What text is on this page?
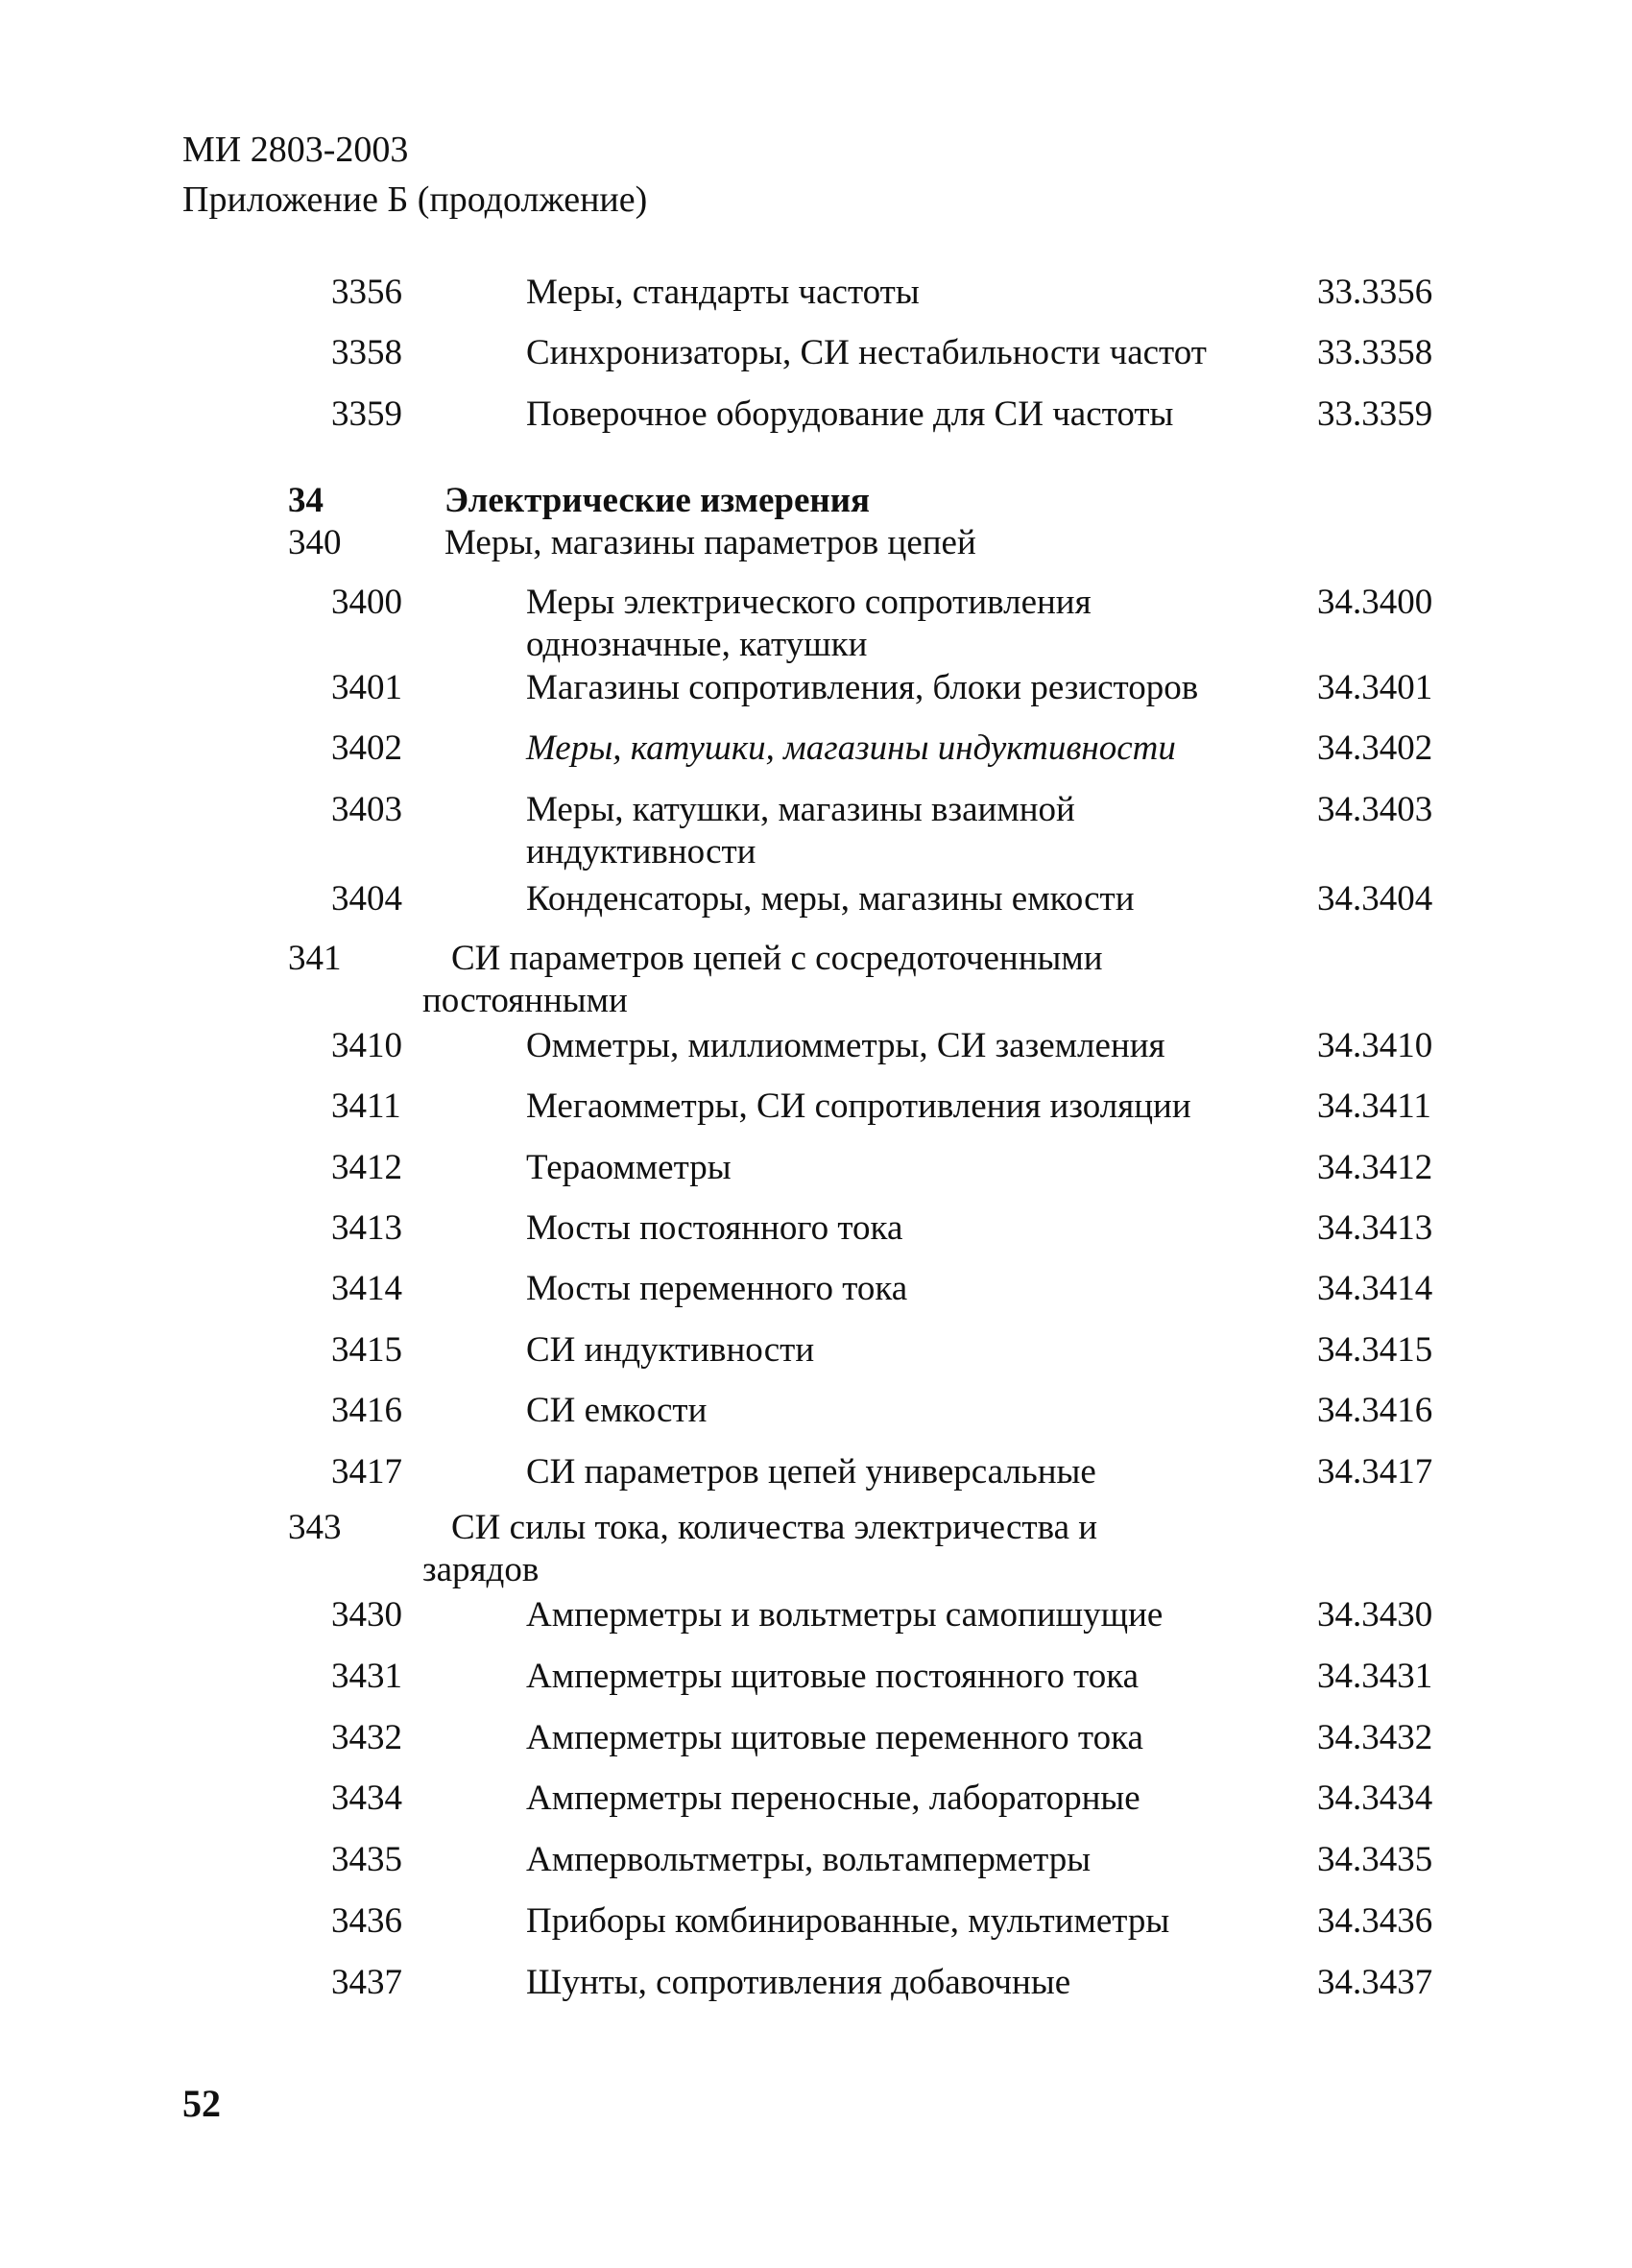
МИ 2803-2003
Приложение Б (продолжение)
3356	Меры, стандарты частоты	33.3356
3358	Синхронизаторы, СИ нестабильности частот	33.3358
3359	Поверочное оборудование для СИ частоты	33.3359
34	Электрические измерения
340	Меры, магазины параметров цепей
3400	Меры электрического сопротивления	34.3400
однозначные, катушки
3401	Магазины сопротивления, блоки резисторов	34.3401
3402	Меры, катушки, магазины индуктивности	34.3402
3403	Меры, катушки, магазины взаимной	34.3403
индуктивности
3404	Конденсаторы, меры, магазины емкости	34.3404
341	СИ параметров цепей с сосредоточенными
постоянными
3410	Омметры, миллиомметры, СИ заземления	34.3410
3411	Мегаомметры, СИ сопротивления изоляции	34.3411
3412	Тераомметры	34.3412
3413	Мосты постоянного тока	34.3413
3414	Мосты переменного тока	34.3414
3415	СИ индуктивности	34.3415
3416	СИ емкости	34.3416
3417	СИ параметров цепей универсальные	34.3417
343	СИ силы тока, количества электричества и
зарядов
3430	Амперметры и вольтметры самопишущие	34.3430
3431	Амперметры щитовые постоянного тока	34.3431
3432	Амперметры щитовые переменного тока	34.3432
3434	Амперметры переносные, лабораторные	34.3434
3435	Ампервольтметры, вольтамперметры	34.3435
3436	Приборы комбинированные, мультиметры	34.3436
3437	Шунты, сопротивления добавочные	34.3437
52
